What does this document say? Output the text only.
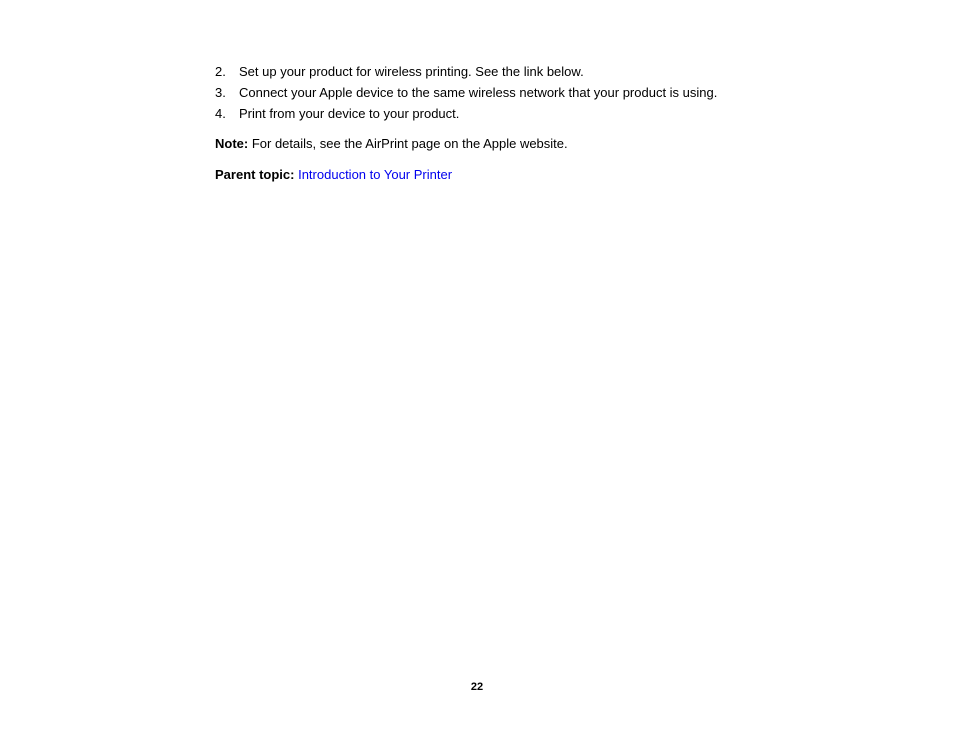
2.	Set up your product for wireless printing. See the link below.
3.	Connect your Apple device to the same wireless network that your product is using.
4.	Print from your device to your product.

Note: For details, see the AirPrint page on the Apple website.

Parent topic: Introduction to Your Printer

22
